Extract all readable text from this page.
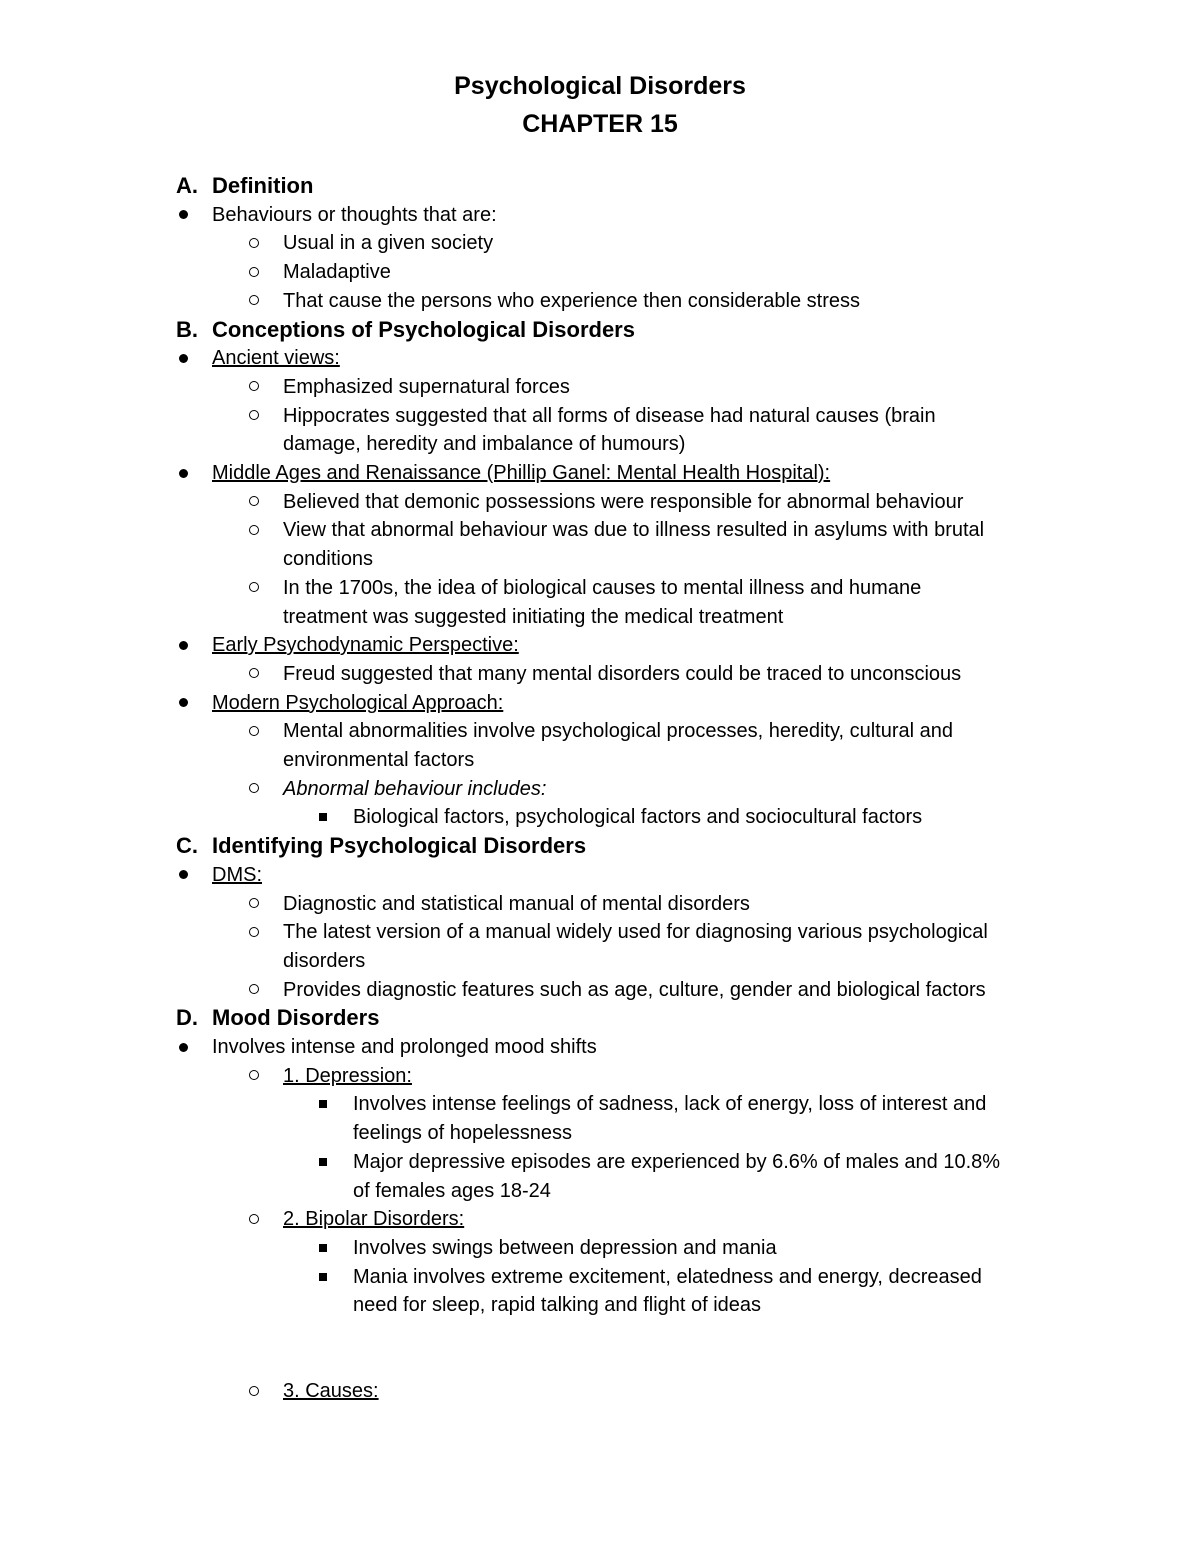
Psychological Disorders
CHAPTER 15
A. Definition
Behaviours or thoughts that are:
Usual in a given society
Maladaptive
That cause the persons who experience then considerable stress
B. Conceptions of Psychological Disorders
Ancient views:
Emphasized supernatural forces
Hippocrates suggested that all forms of disease had natural causes (brain
damage, heredity and imbalance of humours)
Middle Ages and Renaissance (Phillip Ganel: Mental Health Hospital):
Believed that demonic possessions were responsible for abnormal behaviour
View that abnormal behaviour was due to illness resulted in asylums with brutal
conditions
In the 1700s, the idea of biological causes to mental illness and humane
treatment was suggested initiating the medical treatment
Early Psychodynamic Perspective:
Freud suggested that many mental disorders could be traced to unconscious
Modern Psychological Approach:
Mental abnormalities involve psychological processes, heredity, cultural and
environmental factors
Abnormal behaviour includes:
Biological factors, psychological factors and sociocultural factors
C. Identifying Psychological Disorders
DMS:
Diagnostic and statistical manual of mental disorders
The latest version of a manual widely used for diagnosing various psychological
disorders
Provides diagnostic features such as age, culture, gender and biological factors
D. Mood Disorders
Involves intense and prolonged mood shifts
1. Depression:
Involves intense feelings of sadness, lack of energy, loss of interest and
feelings of hopelessness
Major depressive episodes are experienced by 6.6% of males and 10.8%
of females ages 18-24
2. Bipolar Disorders:
Involves swings between depression and mania
Mania involves extreme excitement, elatedness and energy, decreased
need for sleep, rapid talking and flight of ideas
3. Causes:
